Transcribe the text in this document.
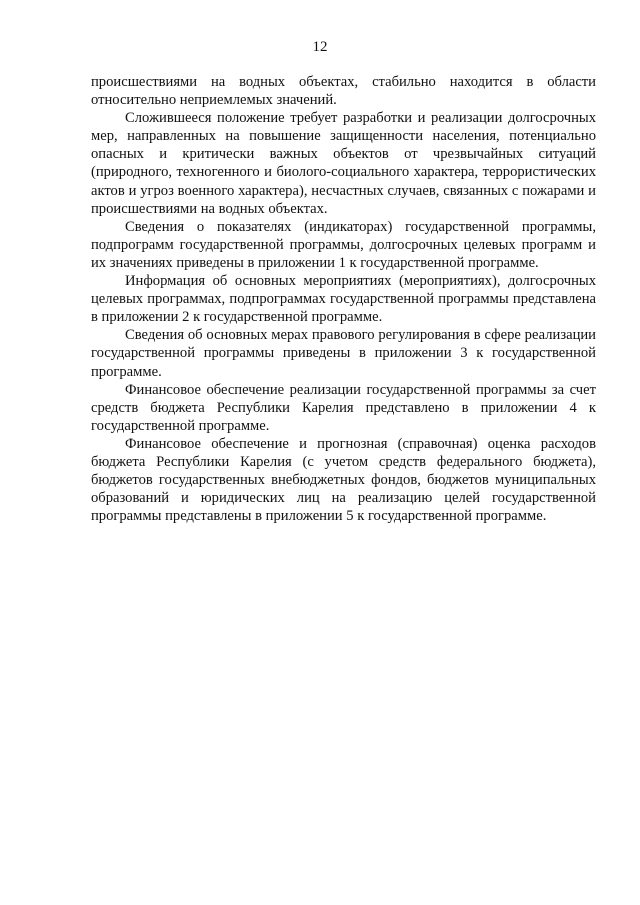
12

происшествиями на водных объектах, стабильно находится в области относительно неприемлемых значений.

Сложившееся положение требует разработки и реализации долгосрочных мер, направленных на повышение защищенности населения, потенциально опасных и критически важных объектов от чрезвычайных ситуаций (природного, техногенного и биолого-социального характера, террористических актов и угроз военного характера), несчастных случаев, связанных с пожарами и происшествиями на водных объектах.

Сведения о показателях (индикаторах) государственной программы, подпрограмм государственной программы, долгосрочных целевых программ и их значениях приведены в приложении 1 к государственной программе.

Информация об основных мероприятиях (мероприятиях), долгосрочных целевых программах, подпрограммах государственной программы представлена в приложении 2 к государственной программе.

Сведения об основных мерах правового регулирования в сфере реализации государственной программы приведены в приложении 3 к государственной программе.

Финансовое обеспечение реализации государственной программы за счет средств бюджета Республики Карелия представлено в приложении 4 к государственной программе.

Финансовое обеспечение и прогнозная (справочная) оценка расходов бюджета Республики Карелия (с учетом средств федерального бюджета), бюджетов государственных внебюджетных фондов, бюджетов муниципальных образований и юридических лиц на реализацию целей государственной программы представлены в приложении 5 к государственной программе.
